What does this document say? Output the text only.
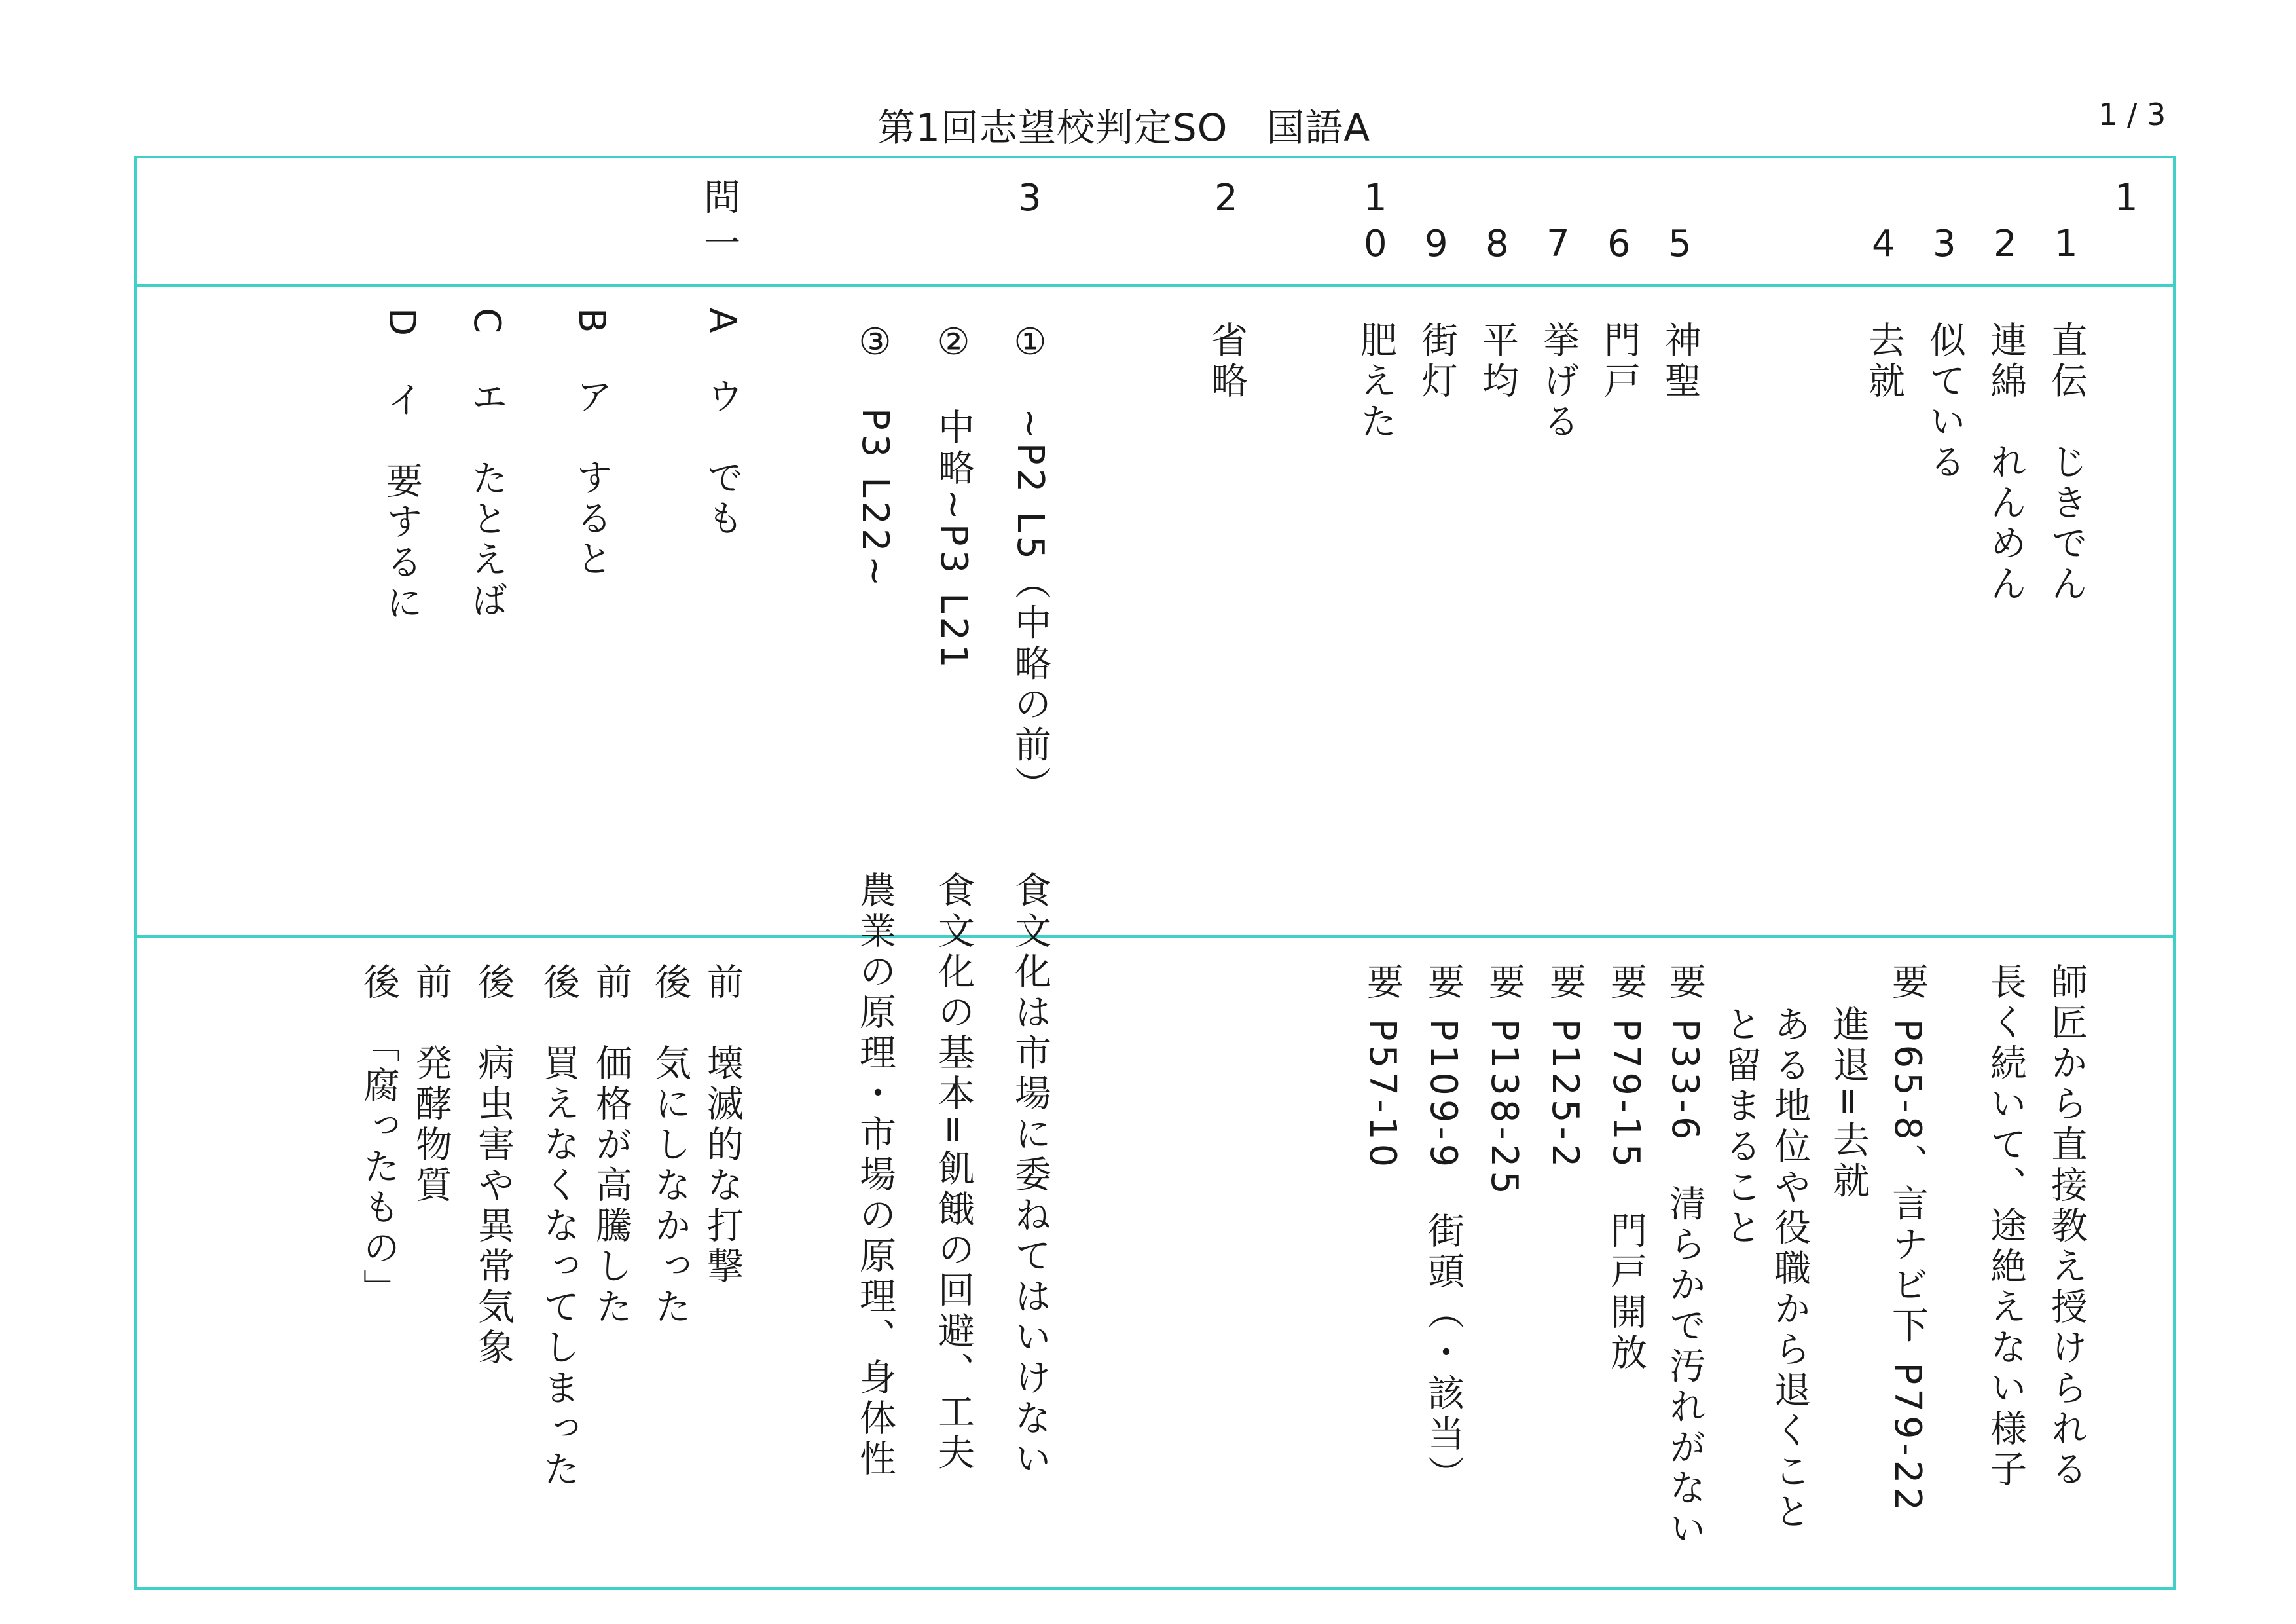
第1回志望校判定SO　国語A	1 / 3
1
1
2
3
4
5
6
7
8
9
1
0
2
3
問
一
直伝　じきでん
連綿　れんめん
似ている
去就
神聖
門戸
挙げる
平均
街灯
肥えた
省略
①　~P2 L5（中略の前）
②　中略~P3 L21
③　P3 L22~
A　ウ　でも
B　ア　すると
C　エ　たとえば
D　イ　要するに
師匠から直接教え授けられる
長く続いて、途絶えない様子
要 P65-8、言ナビ下 P79-22
進退=去就
ある地位や役職から退くこと
と留まること
要 P33-6　清らかで汚れがない
要 P79-15　門戸開放
要 P125-2
要 P138-25
要 P109-9　街頭（・該当）
要 P57-10
食文化は市場に委ねてはいけない
食文化の基本=飢餓の回避、工夫
農業の原理・市場の原理、身体性
前　壊滅的な打撃
後　気にしなかった
前　価格が高騰した
後　買えなくなってしまった
後　病虫害や異常気象
前　発酵物質
後　「腐ったもの」
